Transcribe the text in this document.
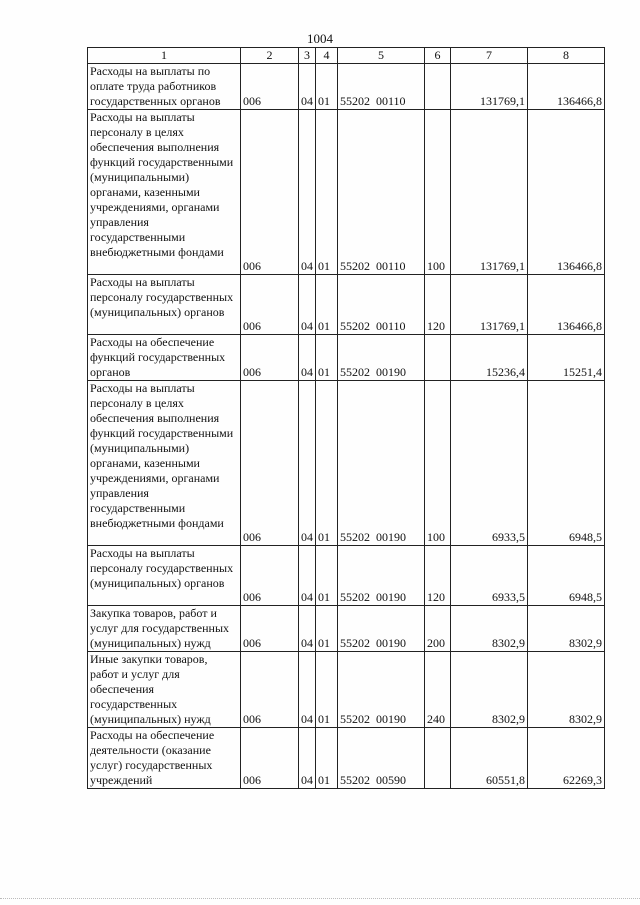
1004
1	2	3	4	5	6	7	8
Расходы на выплаты по оплате труда работников государственных органов	006	04	01	55202  00110		131769,1	136466,8
Расходы на выплаты персоналу в целях обеспечения выполнения функций государственными (муниципальными) органами, казенными учреждениями, органами управления государственными внебюджетными фондами	006	04	01	55202  00110	100	131769,1	136466,8
Расходы на выплаты персоналу государственных (муниципальных) органов	006	04	01	55202  00110	120	131769,1	136466,8
Расходы на обеспечение функций государственных органов	006	04	01	55202  00190		15236,4	15251,4
Расходы на выплаты персоналу в целях обеспечения выполнения функций государственными (муниципальными) органами, казенными учреждениями, органами управления государственными внебюджетными фондами	006	04	01	55202  00190	100	6933,5	6948,5
Расходы на выплаты персоналу государственных (муниципальных) органов	006	04	01	55202  00190	120	6933,5	6948,5
Закупка товаров, работ и услуг для государственных (муниципальных) нужд	006	04	01	55202  00190	200	8302,9	8302,9
Иные закупки товаров, работ и услуг для обеспечения государственных (муниципальных) нужд	006	04	01	55202  00190	240	8302,9	8302,9
Расходы на обеспечение деятельности (оказание услуг) государственных учреждений	006	04	01	55202  00590		60551,8	62269,3
